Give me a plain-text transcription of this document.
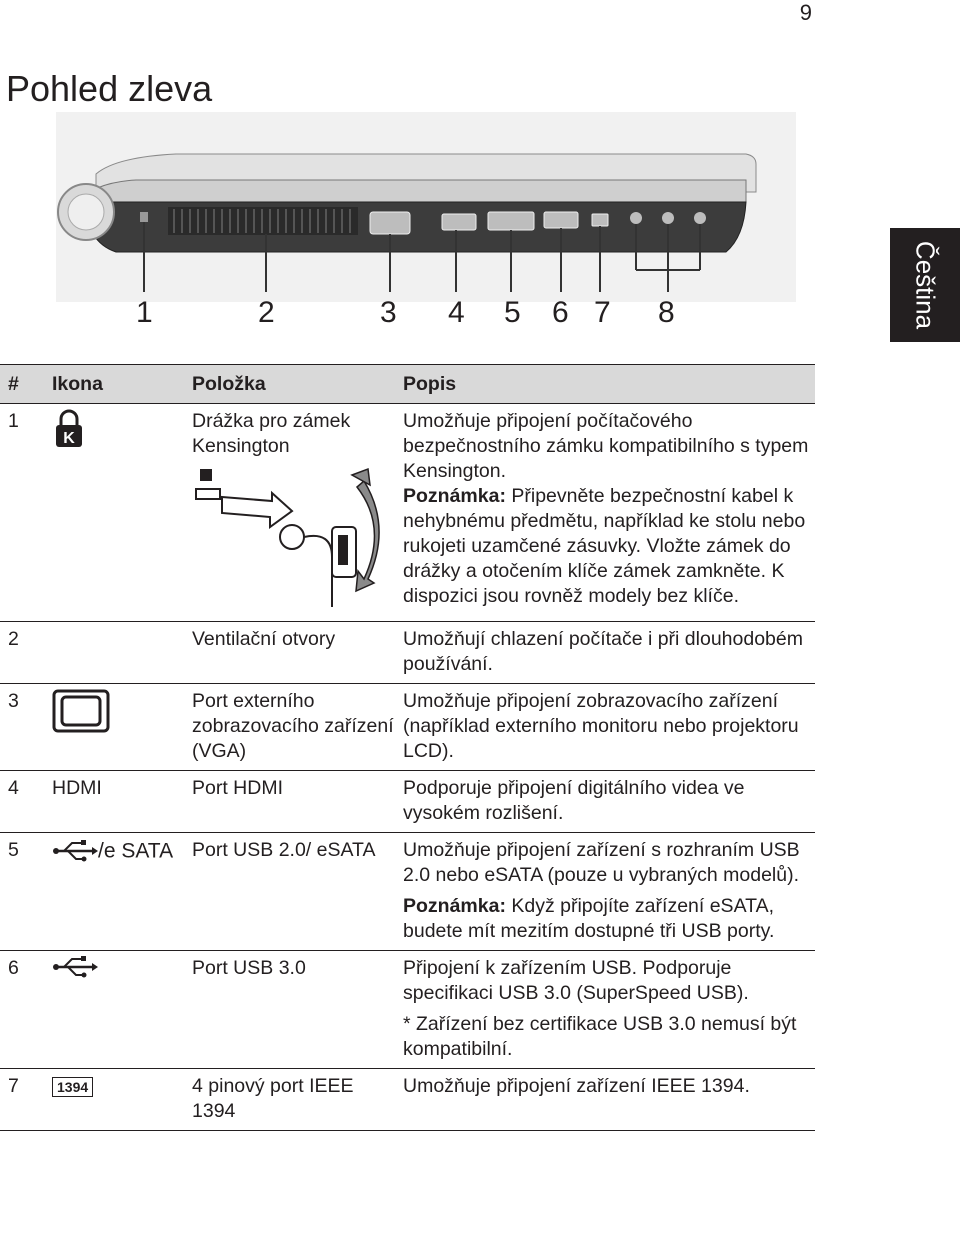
9
Pohled zleva
Čeština
1	2	3 4 5 6 7 8
#	Ikona	Položka	Popis
1	K	Drážka pro zámek Kensington	Umožňuje připojení počítačového bezpečnostního zámku kompatibilního s typem Kensington.
Poznámka: Připevněte bezpečnostní kabel k nehybnému předmětu, například ke stolu nebo rukojeti uzamčené zásuvky. Vložte zámek do drážky a otočením klíče zámek zamkněte. K dispozici jsou rovněž modely bez klíče.

2		Ventilační otvory	Umožňují chlazení počítače i při dlouhodobém používání.
3		Port externího zobrazovacího zařízení (VGA)	Umožňuje připojení zobrazovacího zařízení (například externího monitoru nebo projektoru LCD).
4	HDMI	Port HDMI	Podporuje připojení digitálního videa ve vysokém rozlišení.
5	/e SATA	Port USB 2.0/ eSATA	Umožňuje připojení zařízení s rozhraním USB 2.0 nebo eSATA (pouze u vybraných modelů).
Poznámka: Když připojíte zařízení eSATA, budete mít mezitím dostupné tři USB porty.

6		Port USB 3.0	Připojení k zařízením USB. Podporuje specifikaci USB 3.0 (SuperSpeed USB).
* Zařízení bez certifikace USB 3.0 nemusí být kompatibilní.

7	1394	4 pinový port IEEE 1394	Umožňuje připojení zařízení IEEE 1394.
